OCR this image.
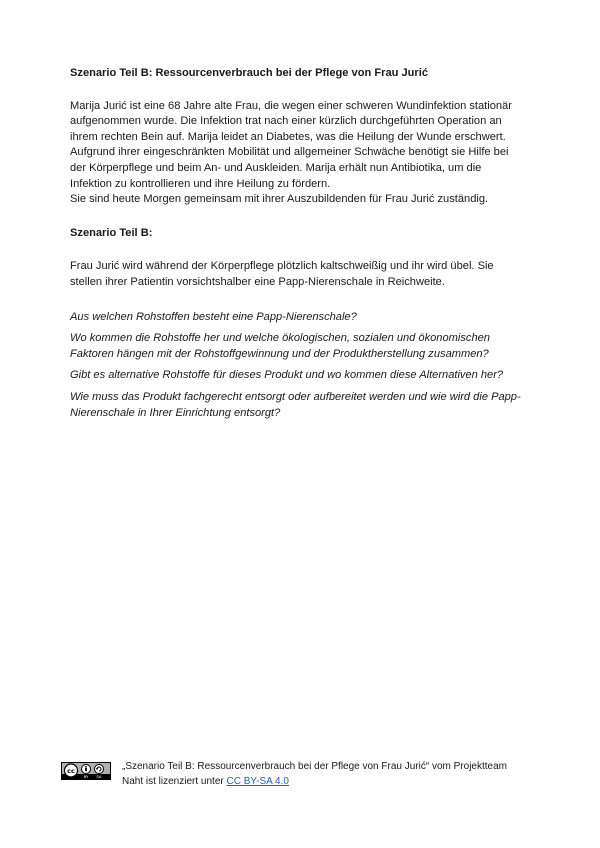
Szenario Teil B: Ressourcenverbrauch bei der Pflege von Frau Jurić

Marija Jurić ist eine 68 Jahre alte Frau, die wegen einer schweren Wundinfektion stationär
aufgenommen wurde. Die Infektion trat nach einer kürzlich durchgeführten Operation an
ihrem rechten Bein auf. Marija leidet an Diabetes, was die Heilung der Wunde erschwert.
Aufgrund ihrer eingeschränkten Mobilität und allgemeiner Schwäche benötigt sie Hilfe bei
der Körperpflege und beim An- und Auskleiden. Marija erhält nun Antibiotika, um die
Infektion zu kontrollieren und ihre Heilung zu fördern.
Sie sind heute Morgen gemeinsam mit ihrer Auszubildenden für Frau Jurić zuständig.

Szenario Teil B:

Frau Jurić wird während der Körperpflege plötzlich kaltschweißig und ihr wird übel. Sie
stellen ihrer Patientin vorsichtshalber eine Papp-Nierenschale in Reichweite.
Aus welchen Rohstoffen besteht eine Papp-Nierenschale?
Wo kommen die Rohstoffe her und welche ökologischen, sozialen und ökonomischen
Faktoren hängen mit der Rohstoffgewinnung und der Produktherstellung zusammen?
Gibt es alternative Rohstoffe für dieses Produkt und wo kommen diese Alternativen her?
Wie muss das Produkt fachgerecht entsorgt oder aufbereitet werden und wie wird die Papp-
Nierenschale in Ihrer Einrichtung entsorgt?
cc
BY SA
„Szenario Teil B: Ressourcenverbrauch bei der Pflege von Frau Jurić“ vom Projektteam
Naht ist lizenziert unter CC BY-SA 4.0
